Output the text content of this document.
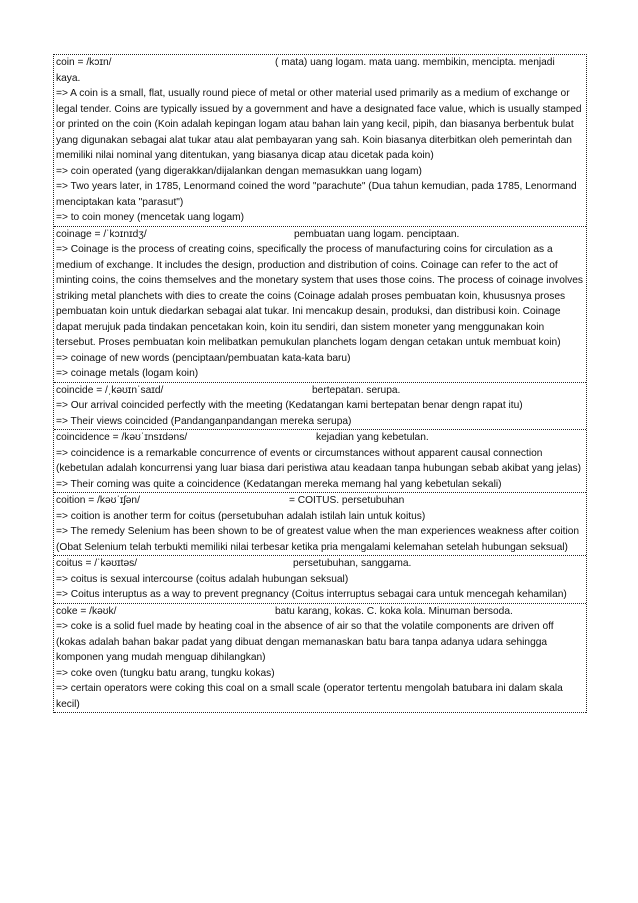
coin = /kɔɪn/	( mata) uang logam. mata uang. membikin, mencipta. menjadi
kaya.
=> A coin is a small, flat, usually round piece of metal or other material used primarily as a medium of exchange or legal tender. Coins are typically issued by a government and have a designated face value, which is usually stamped or printed on the coin (Koin adalah kepingan logam atau bahan lain yang kecil, pipih, dan biasanya berbentuk bulat yang digunakan sebagai alat tukar atau alat pembayaran yang sah. Koin biasanya diterbitkan oleh pemerintah dan memiliki nilai nominal yang ditentukan, yang biasanya dicap atau dicetak pada koin)
=> coin operated (yang digerakkan/dijalankan dengan memasukkan uang logam)
=> Two years later, in 1785, Lenormand coined the word "parachute" (Dua tahun kemudian, pada 1785, Lenormand menciptakan kata "parasut")
=> to coin money (mencetak uang logam)
coinage = /ˈkɔɪnɪdʒ/	pembuatan uang logam. penciptaan.
=> Coinage is the process of creating coins, specifically the process of manufacturing coins for circulation as a medium of exchange. It includes the design, production and distribution of coins. Coinage can refer to the act of minting coins, the coins themselves and the monetary system that uses those coins. The process of coinage involves striking metal planchets with dies to create the coins (Coinage adalah proses pembuatan koin, khususnya proses pembuatan koin untuk diedarkan sebagai alat tukar. Ini mencakup desain, produksi, dan distribusi koin. Coinage dapat merujuk pada tindakan pencetakan koin, koin itu sendiri, dan sistem moneter yang menggunakan koin tersebut. Proses pembuatan koin melibatkan pemukulan planchets logam dengan cetakan untuk membuat koin)
=> coinage of new words (penciptaan/pembuatan kata-kata baru)
=> coinage metals (logam koin)
coincide = /ˌkəʊɪnˈsaɪd/	bertepatan. serupa.
=> Our arrival coincided perfectly with the meeting (Kedatangan kami bertepatan benar dengn rapat itu)
=> Their views coincided (Pandanganpandangan mereka serupa)
coincidence = /kəʊˈɪnsɪdəns/	kejadian yang kebetulan.
=> coincidence is a remarkable concurrence of events or circumstances without apparent causal connection (kebetulan adalah koncurrensi yang luar biasa dari peristiwa atau keadaan tanpa hubungan sebab akibat yang jelas)
=> Their coming was quite a coincidence (Kedatangan mereka memang hal yang kebetulan sekali)
coition = /kəʊˈɪʃən/	= COITUS. persetubuhan
=> coition is another term for coitus (persetubuhan adalah istilah lain untuk koitus)
=> The remedy Selenium has been shown to be of greatest value when the man experiences weakness after coition (Obat Selenium telah terbukti memiliki nilai terbesar ketika pria mengalami kelemahan setelah hubungan seksual)
coitus = /ˈkəʊɪtəs/	persetubuhan, sanggama.
=> coitus is sexual intercourse (coitus adalah hubungan seksual)
=> Coitus interuptus as a way to prevent pregnancy (Coitus interruptus sebagai cara untuk mencegah kehamilan)
coke = /kəʊk/	batu karang, kokas. C. koka kola. Minuman bersoda.
=> coke is a solid fuel made by heating coal in the absence of air so that the volatile components are driven off (kokas adalah bahan bakar padat yang dibuat dengan memanaskan batu bara tanpa adanya udara sehingga komponen yang mudah menguap dihilangkan)
=> coke oven (tungku batu arang, tungku kokas)
=> certain operators were coking this coal on a small scale (operator tertentu mengolah batubara ini dalam skala kecil)
